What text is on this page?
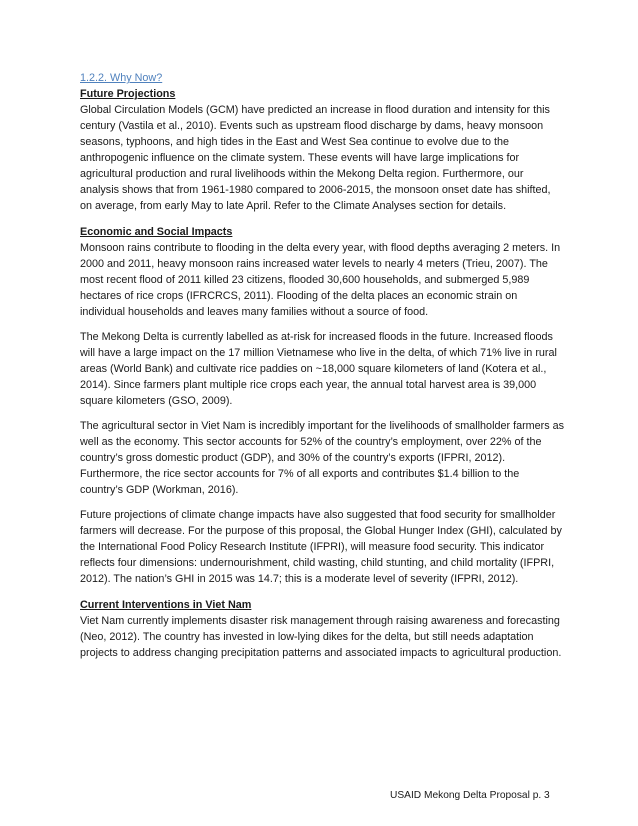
1.2.2. Why Now?

Future Projections

Global Circulation Models (GCM) have predicted an increase in flood duration and intensity for this century (Vastila et al., 2010). Events such as upstream flood discharge by dams, heavy monsoon seasons, typhoons, and high tides in the East and West Sea continue to evolve due to the anthropogenic influence on the climate system. These events will have large implications for agricultural production and rural livelihoods within the Mekong Delta region. Furthermore, our analysis shows that from 1961-1980 compared to 2006-2015, the monsoon onset date has shifted, on average, from early May to late April. Refer to the Climate Analyses section for details.

Economic and Social Impacts

Monsoon rains contribute to flooding in the delta every year, with flood depths averaging 2 meters. In 2000 and 2011, heavy monsoon rains increased water levels to nearly 4 meters (Trieu, 2007). The most recent flood of 2011 killed 23 citizens, flooded 30,600 households, and submerged 5,989 hectares of rice crops (IFRCRCS, 2011). Flooding of the delta places an economic strain on individual households and leaves many families without a source of food.

The Mekong Delta is currently labelled as at-risk for increased floods in the future. Increased floods will have a large impact on the 17 million Vietnamese who live in the delta, of which 71% live in rural areas (World Bank) and cultivate rice paddies on ~18,000 square kilometers of land (Kotera et al., 2014). Since farmers plant multiple rice crops each year, the annual total harvest area is 39,000 square kilometers (GSO, 2009).

The agricultural sector in Viet Nam is incredibly important for the livelihoods of smallholder farmers as well as the economy. This sector accounts for 52% of the country’s employment, over 22% of the country’s gross domestic product (GDP), and 30% of the country’s exports (IFPRI, 2012). Furthermore, the rice sector accounts for 7% of all exports and contributes $1.4 billion to the country’s GDP (Workman, 2016).

Future projections of climate change impacts have also suggested that food security for smallholder farmers will decrease. For the purpose of this proposal, the Global Hunger Index (GHI), calculated by the International Food Policy Research Institute (IFPRI), will measure food security. This indicator reflects four dimensions: undernourishment, child wasting, child stunting, and child mortality (IFPRI, 2012). The nation’s GHI in 2015 was 14.7; this is a moderate level of severity (IFPRI, 2012).

Current Interventions in Viet Nam

Viet Nam currently implements disaster risk management through raising awareness and forecasting (Neo, 2012). The country has invested in low-lying dikes for the delta, but still needs adaptation projects to address changing precipitation patterns and associated impacts to agricultural production.

USAID Mekong Delta Proposal p. 3
